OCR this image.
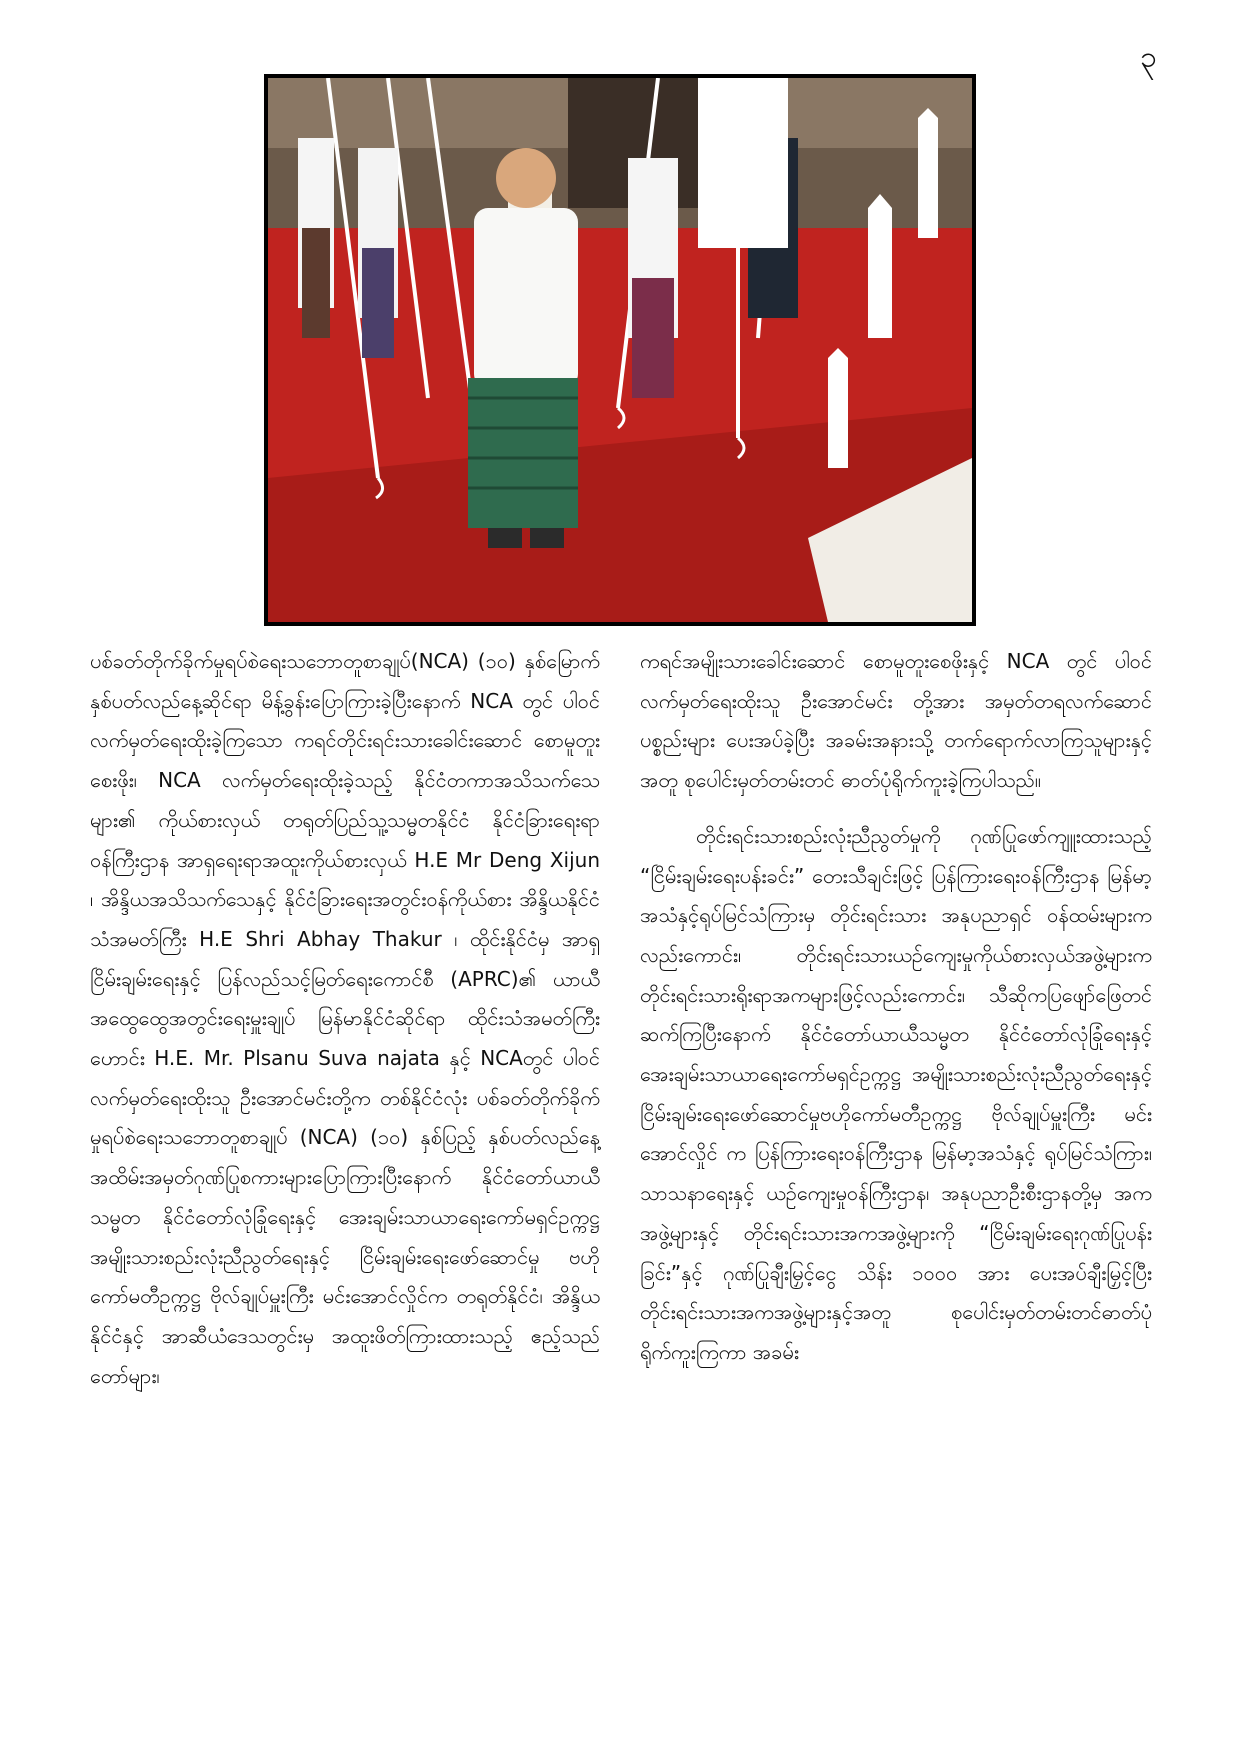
၃

ပစ်ခတ်တိုက်ခိုက်မှုရပ်စဲရေးသဘောတူစာချုပ်(NCA) (၁၀) နှစ်မြောက် နှစ်ပတ်လည်နေ့ဆိုင်ရာ မိန့်ခွန်းပြောကြားခဲ့ပြီးနောက် NCA တွင် ပါဝင်လက်မှတ်ရေးထိုးခဲ့ကြသော ကရင်တိုင်းရင်းသားခေါင်းဆောင် စောမူတူးစေးဖိုး၊ NCA လက်မှတ်ရေးထိုးခဲ့သည့် နိုင်ငံတကာအသိသက်သေများ၏ ကိုယ်စားလှယ် တရုတ်ပြည်သူ့သမ္မတနိုင်ငံ နိုင်ငံခြားရေးရာဝန်ကြီးဌာန အာရှရေးရာအထူးကိုယ်စားလှယ် H.E Mr Deng Xijun ၊ အိန္ဒိယအသိသက်သေနှင့် နိုင်ငံခြားရေးအတွင်းဝန်ကိုယ်စား အိန္ဒိယနိုင်ငံသံအမတ်ကြီး H.E Shri Abhay Thakur ၊ ထိုင်းနိုင်ငံမှ အာရှငြိမ်းချမ်းရေးနှင့် ပြန်လည်သင့်မြတ်ရေးကောင်စီ (APRC)၏ ယာယီအထွေထွေအတွင်းရေးမှူးချုပ် မြန်မာနိုင်ငံဆိုင်ရာ ထိုင်းသံအမတ်ကြီးဟောင်း H.E. Mr. Plsanu Suva najata နှင့် NCAတွင် ပါဝင်လက်မှတ်ရေးထိုးသူ ဦးအောင်မင်းတို့က တစ်နိုင်ငံလုံး ပစ်ခတ်တိုက်ခိုက်မှုရပ်စဲရေးသဘောတူစာချုပ် (NCA) (၁၀) နှစ်ပြည့် နှစ်ပတ်လည်နေ့ အထိမ်းအမှတ်ဂုဏ်ပြုစကားများပြောကြားပြီးနောက် နိုင်ငံတော်ယာယီသမ္မတ နိုင်ငံတော်လုံခြုံရေးနှင့် အေးချမ်းသာယာရေးကော်မရှင်ဥက္ကဋ္ဌ အမျိုးသားစည်းလုံးညီညွတ်ရေးနှင့် ငြိမ်းချမ်းရေးဖော်ဆောင်မှု ဗဟိုကော်မတီဥက္ကဋ္ဌ ဗိုလ်ချုပ်မှူးကြီး မင်းအောင်လှိုင်က တရုတ်နိုင်ငံ၊ အိန္ဒိယနိုင်ငံနှင့် အာဆီယံဒေသတွင်းမှ အထူးဖိတ်ကြားထားသည့် ဧည့်သည်တော်များ၊

ကရင်အမျိုးသားခေါင်းဆောင် စောမူတူးစေဖိုးနှင့် NCA တွင် ပါဝင်လက်မှတ်ရေးထိုးသူ ဦးအောင်မင်း တို့အား အမှတ်တရလက်ဆောင်ပစ္စည်းများ ပေးအပ်ခဲ့ပြီး အခမ်းအနားသို့ တက်ရောက်လာကြသူများနှင့်အတူ စုပေါင်းမှတ်တမ်းတင် ဓာတ်ပုံရိုက်ကူးခဲ့ကြပါသည်။

တိုင်းရင်းသားစည်းလုံးညီညွတ်မှုကို ဂုဏ်ပြုဖော်ကျူးထားသည့် “ငြိမ်းချမ်းရေးပန်းခင်း” တေးသီချင်းဖြင့် ပြန်ကြားရေးဝန်ကြီးဌာန မြန်မာ့အသံနှင့်ရုပ်မြင်သံကြားမှ တိုင်းရင်းသား အနုပညာရှင် ဝန်ထမ်းများကလည်းကောင်း၊ တိုင်းရင်းသားယဉ်ကျေးမှုကိုယ်စားလှယ်အဖွဲ့များက တိုင်းရင်းသားရိုးရာအကများဖြင့်လည်းကောင်း၊ သီဆိုကပြဖျော်ဖြေတင်ဆက်ကြပြီးနောက် နိုင်ငံတော်ယာယီသမ္မတ နိုင်ငံတော်လုံခြုံရေးနှင့် အေးချမ်းသာယာရေးကော်မရှင်ဥက္ကဋ္ဌ အမျိုးသားစည်းလုံးညီညွတ်ရေးနှင့် ငြိမ်းချမ်းရေးဖော်ဆောင်မှုဗဟိုကော်မတီဥက္ကဋ္ဌ ဗိုလ်ချုပ်မှူးကြီး မင်းအောင်လှိုင် က ပြန်ကြားရေးဝန်ကြီးဌာန မြန်မာ့အသံနှင့် ရုပ်မြင်သံကြား၊ သာသနာရေးနှင့် ယဉ်ကျေးမှုဝန်ကြီးဌာန၊ အနုပညာဦးစီးဌာနတို့မှ အကအဖွဲ့များနှင့် တိုင်းရင်းသားအကအဖွဲ့များကို “ငြိမ်းချမ်းရေးဂုဏ်ပြုပန်းခြင်း”နှင့် ဂုဏ်ပြုချီးမြှင့်ငွေ သိန်း ၁၀၀၀ အား ပေးအပ်ချီးမြှင့်ပြီး တိုင်းရင်းသားအကအဖွဲ့များနှင့်အတူ စုပေါင်းမှတ်တမ်းတင်ဓာတ်ပုံရိုက်ကူးကြကာ အခမ်း
